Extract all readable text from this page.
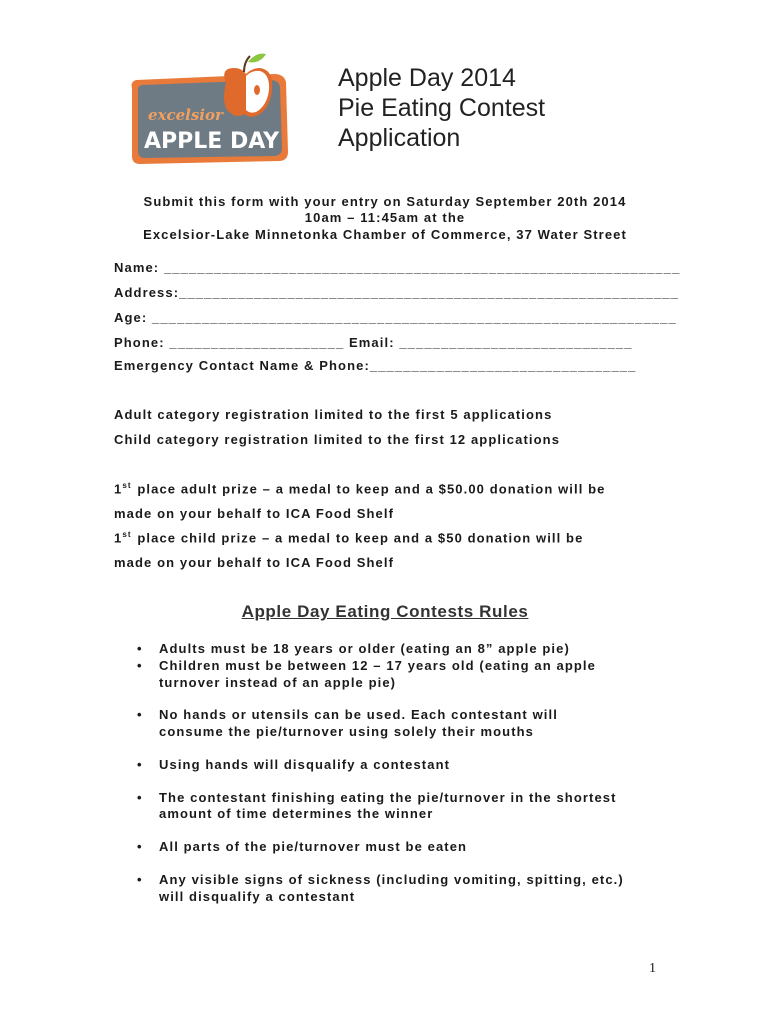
excelsior
APPLE DAY
Apple Day 2014
Pie Eating Contest
Application
Submit this form with your entry on Saturday September 20th 2014
10am – 11:45am at the
Excelsior-Lake Minnetonka Chamber of Commerce, 37 Water Street
Name: ______________________________________________________________
Address:____________________________________________________________
Age: _______________________________________________________________
Phone: _____________________ Email: ____________________________
Emergency Contact Name & Phone:________________________________
Adult category registration limited to the first 5 applications
Child category registration limited to the first 12 applications
1st place adult prize – a medal to keep and a $50.00 donation will be
made on your behalf to ICA Food Shelf
1st place child prize – a medal to keep and a $50 donation will be
made on your behalf to ICA Food Shelf
Apple Day Eating Contests Rules
• Adults must be 18 years or older (eating an 8” apple pie)
• Children must be between 12 – 17 years old (eating an apple
turnover instead of an apple pie)
• No hands or utensils can be used. Each contestant will
consume the pie/turnover using solely their mouths
• Using hands will disqualify a contestant
• The contestant finishing eating the pie/turnover in the shortest
amount of time determines the winner
• All parts of the pie/turnover must be eaten
• Any visible signs of sickness (including vomiting, spitting, etc.)
will disqualify a contestant
1
